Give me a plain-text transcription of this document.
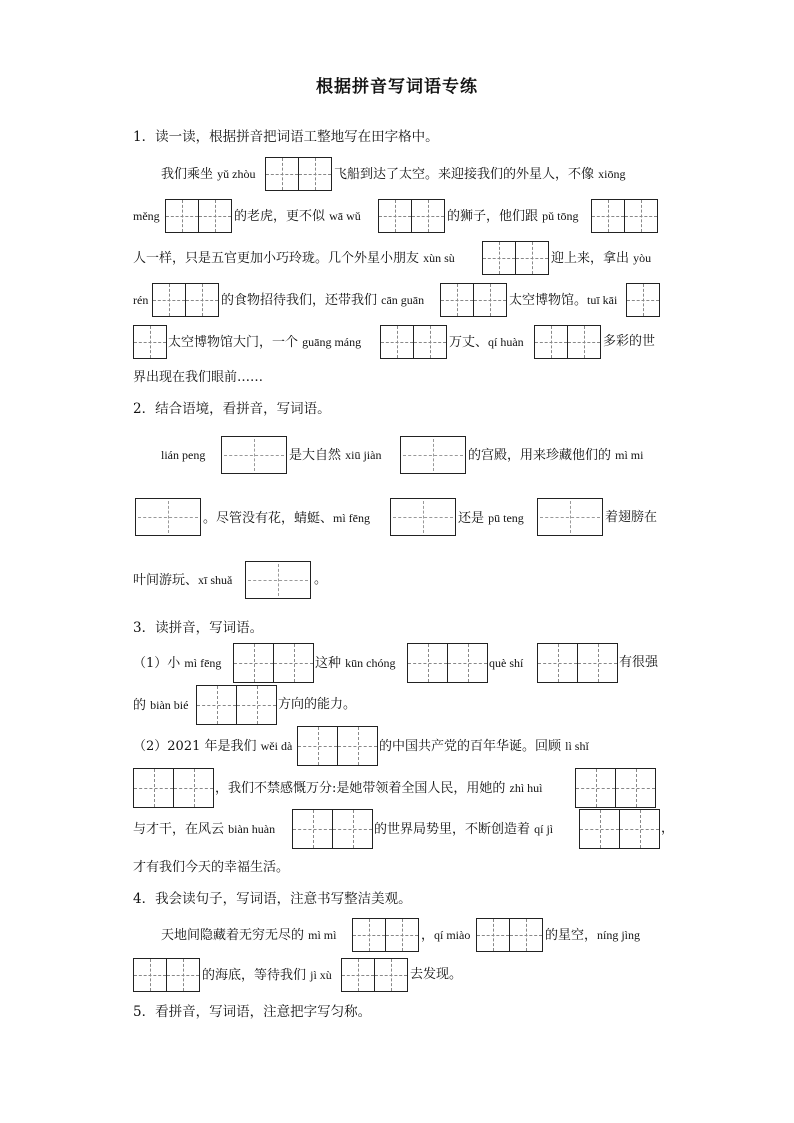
根据拼音写词语专练
1．读一读，根据拼音把词语工整地写在田字格中。
我们乘坐 yǔ zhòu	飞船到达了太空。来迎接我们的外星人，不像 xiōng
měng	的老虎，更不似 wā wǔ	的狮子，他们跟 pǔ tōng
人一样，只是五官更加小巧玲珑。几个外星小朋友 xùn sù	迎上来，拿出 yòu
rén	的食物招待我们，还带我们 cān guān	太空博物馆。tuī kāi
太空博物馆大门，一个 guāng máng	万丈、qí huàn	多彩的世
界出现在我们眼前……
2．结合语境，看拼音，写词语。
lián peng	是大自然 xiū jiàn	的宫殿，用来珍藏他们的 mì mi
。尽管没有花，蜻蜓、mì fēng	还是 pū teng	着翅膀在
叶间游玩、xī shuǎ	。
3．读拼音，写词语。
（1）小 mì fēng	这种 kūn chóng	què shí	有很强
的 biàn bié	方向的能力。
（2）2021 年是我们 wěi dà	的中国共产党的百年华诞。回顾 lì shǐ
，我们不禁感慨万分:是她带领着全国人民，用她的 zhì huì
与才干，在风云 biàn huàn	的世界局势里，不断创造着 qí jì	，
才有我们今天的幸福生活。
4．我会读句子，写词语，注意书写整洁美观。
天地间隐藏着无穷无尽的 mì mì	，qí miào	的星空，níng jìng
的海底，等待我们 jì xù	去发现。
5．看拼音，写词语，注意把字写匀称。
